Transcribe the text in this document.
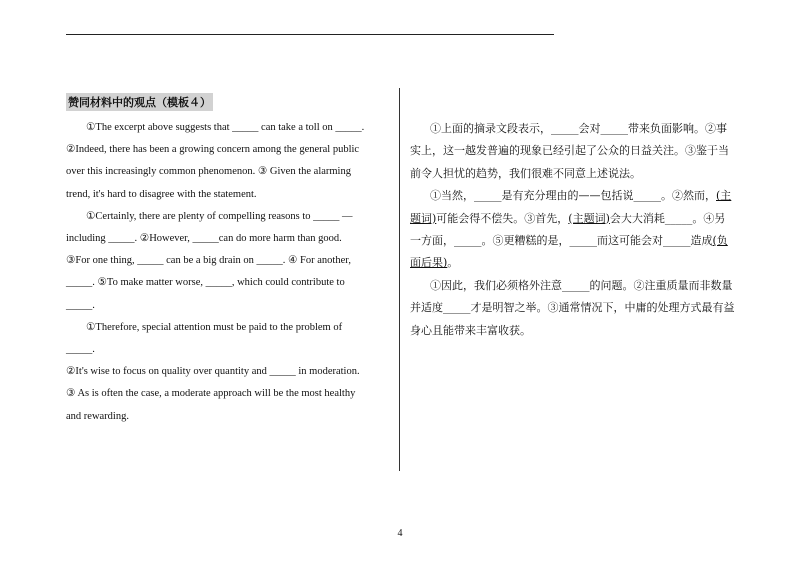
赞同材料中的观点（模板４）

①The excerpt above suggests that _____ can take a toll on _____.

②Indeed, there has been a growing concern among the general public over this increasingly common phenomenon. ③ Given the alarming trend, it's hard to disagree with the statement.

①Certainly, there are plenty of compelling reasons to _____ —including _____. ②However, _____can do more harm than good. ③For one thing, _____ can be a big drain on _____. ④ For another, _____. ⑤To make matter worse, _____, which could contribute to _____.

①Therefore, special attention must be paid to the problem of _____.

②It's wise to focus on quality over quantity and _____ in moderation. ③ As is often the case, a moderate approach will be the most healthy and rewarding.

①上面的摘录文段表示，_____会对_____带来负面影响。②事实上，这一越发普遍的现象已经引起了公众的日益关注。③鉴于当前令人担忧的趋势，我们很难不同意上述说法。

①当然，_____是有充分理由的——包括说_____。②然而，(主题词)可能会得不偿失。③首先，(主题词)会大大消耗_____。④另一方面，_____。⑤更糟糕的是，_____而这可能会对_____造成(负面后果)。

①因此，我们必须格外注意_____的问题。②注重质量而非数量并适度_____才是明智之举。③通常情况下，中庸的处理方式最有益身心且能带来丰富收获。

4
